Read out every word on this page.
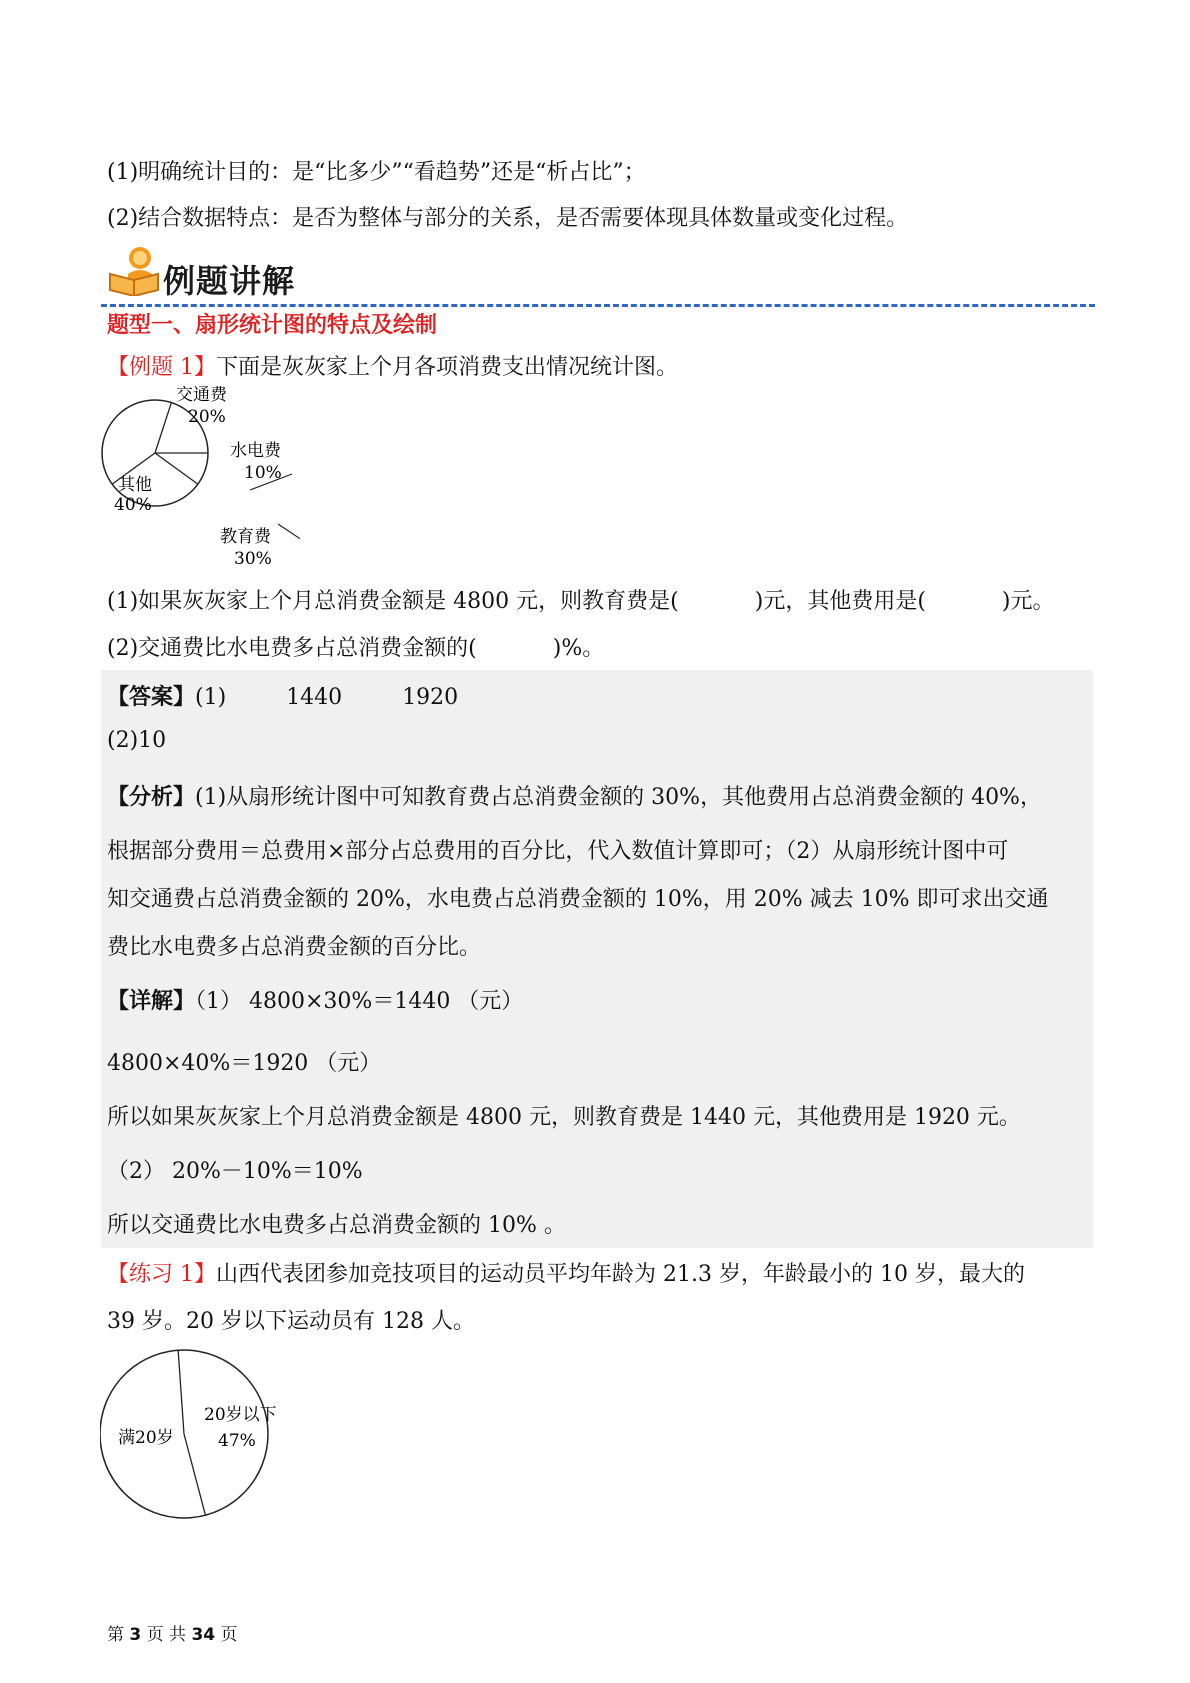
(1)明确统计目的：是“比多少”“看趋势”还是“析占比”；
(2)结合数据特点：是否为整体与部分的关系，是否需要体现具体数量或变化过程。
例题讲解
题型一、扇形统计图的特点及绘制
【例题 1】下面是灰灰家上个月各项消费支出情况统计图。
交通费
20%
水电费
10%
教育费
30%
其他
40%
(1)如果灰灰家上个月总消费金额是 4800 元，则教育费是(	)元，其他费用是(	)元。
(2)交通费比水电费多占总消费金额的(	)%。
【答案】(1)	1440	1920
(2)10
【分析】(1)从扇形统计图中可知教育费占总消费金额的 30%，其他费用占总消费金额的 40%，
根据部分费用＝总费用×部分占总费用的百分比，代入数值计算即可；（2）从扇形统计图中可
知交通费占总消费金额的 20%，水电费占总消费金额的 10%，用 20% 减去 10% 即可求出交通
费比水电费多占总消费金额的百分比。
【详解】（1） 4800×30%＝1440 （元）
4800×40%＝1920 （元）
所以如果灰灰家上个月总消费金额是 4800 元，则教育费是 1440 元，其他费用是 1920 元。
（2） 20%－10%＝10%
所以交通费比水电费多占总消费金额的 10% 。
【练习 1】山西代表团参加竞技项目的运动员平均年龄为 21.3 岁，年龄最小的 10 岁，最大的
39 岁。20 岁以下运动员有 128 人。
20岁以下
47%
满20岁
第 3 页 共 34 页
